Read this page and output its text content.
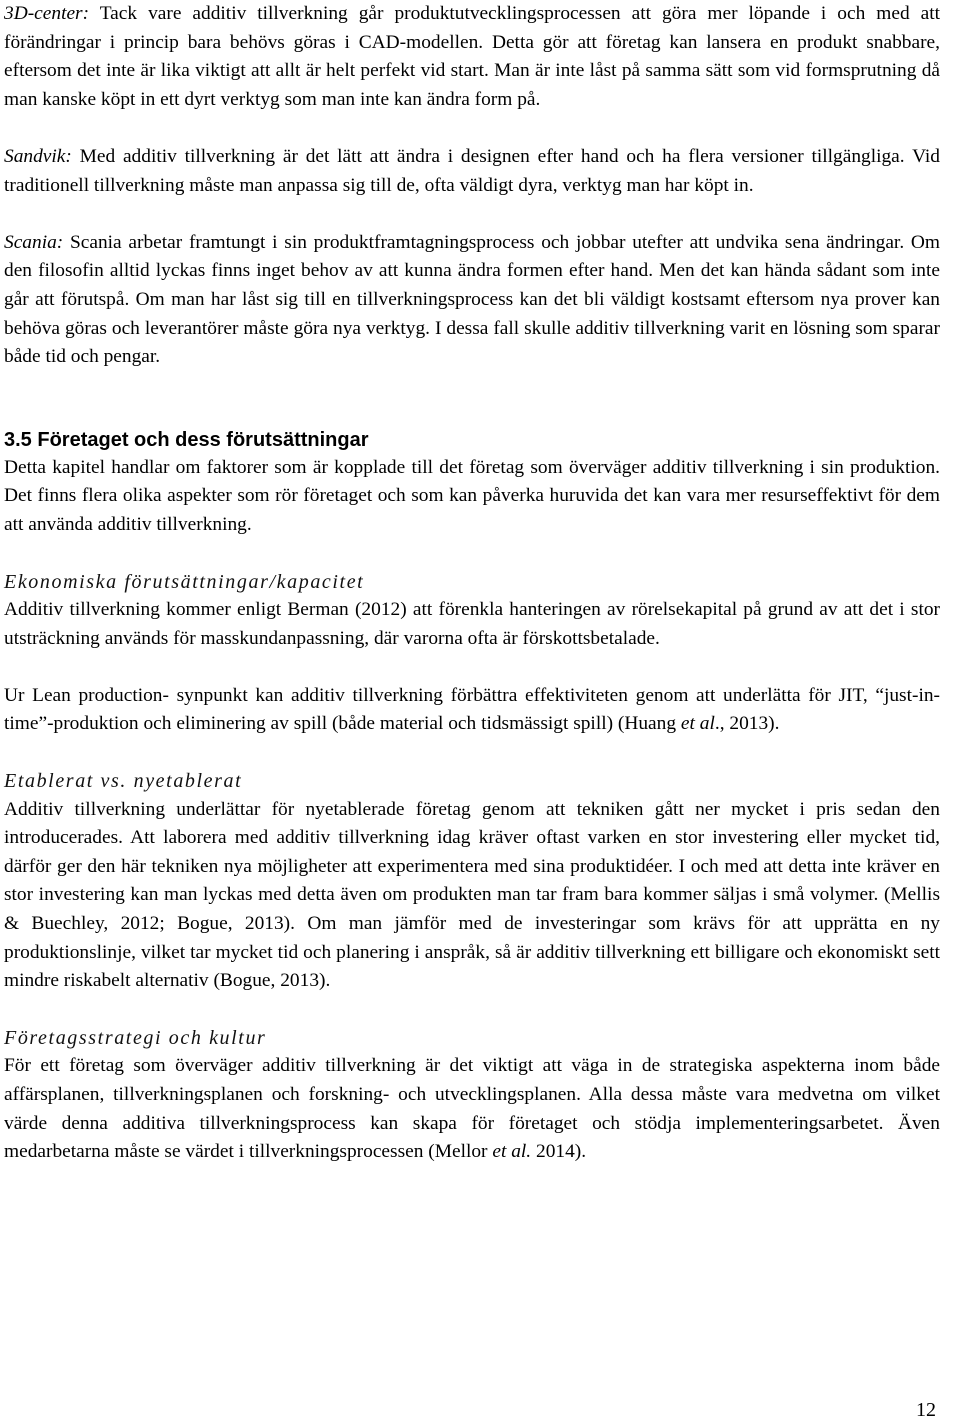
3D-center: Tack vare additiv tillverkning går produktutvecklingsprocessen att göra mer löpande i och med att förändringar i princip bara behövs göras i CAD-modellen. Detta gör att företag kan lansera en produkt snabbare, eftersom det inte är lika viktigt att allt är helt perfekt vid start. Man är inte låst på samma sätt som vid formsprutning då man kanske köpt in ett dyrt verktyg som man inte kan ändra form på.

Sandvik: Med additiv tillverkning är det lätt att ändra i designen efter hand och ha flera versioner tillgängliga. Vid traditionell tillverkning måste man anpassa sig till de, ofta väldigt dyra, verktyg man har köpt in.

Scania: Scania arbetar framtungt i sin produktframtagningsprocess och jobbar utefter att undvika sena ändringar. Om den filosofin alltid lyckas finns inget behov av att kunna ändra formen efter hand. Men det kan hända sådant som inte går att förutspå. Om man har låst sig till en tillverkningsprocess kan det bli väldigt kostsamt eftersom nya prover kan behöva göras och leverantörer måste göra nya verktyg. I dessa fall skulle additiv tillverkning varit en lösning som sparar både tid och pengar.

3.5 Företaget och dess förutsättningar

Detta kapitel handlar om faktorer som är kopplade till det företag som överväger additiv tillverkning i sin produktion. Det finns flera olika aspekter som rör företaget och som kan påverka huruvida det kan vara mer resurseffektivt för dem att använda additiv tillverkning.

Ekonomiska förutsättningar/kapacitet

Additiv tillverkning kommer enligt Berman (2012) att förenkla hanteringen av rörelsekapital på grund av att det i stor utsträckning används för masskundanpassning, där varorna ofta är förskottsbetalade.

Ur Lean production- synpunkt kan additiv tillverkning förbättra effektiviteten genom att underlätta för JIT, “just-in-time”-produktion och eliminering av spill (både material och tidsmässigt spill) (Huang et al., 2013).

Etablerat vs. nyetablerat

Additiv tillverkning underlättar för nyetablerade företag genom att tekniken gått ner mycket i pris sedan den introducerades. Att laborera med additiv tillverkning idag kräver oftast varken en stor investering eller mycket tid, därför ger den här tekniken nya möjligheter att experimentera med sina produktidéer. I och med att detta inte kräver en stor investering kan man lyckas med detta även om produkten man tar fram bara kommer säljas i små volymer. (Mellis & Buechley, 2012; Bogue, 2013). Om man jämför med de investeringar som krävs för att upprätta en ny produktionslinje, vilket tar mycket tid och planering i anspråk, så är additiv tillverkning ett billigare och ekonomiskt sett mindre riskabelt alternativ (Bogue, 2013).

Företagsstrategi och kultur

För ett företag som överväger additiv tillverkning är det viktigt att väga in de strategiska aspekterna inom både affärsplanen, tillverkningsplanen och forskning- och utvecklingsplanen. Alla dessa måste vara medvetna om vilket värde denna additiva tillverkningsprocess kan skapa för företaget och stödja implementeringsarbetet. Även medarbetarna måste se värdet i tillverkningsprocessen (Mellor et al. 2014).

12
